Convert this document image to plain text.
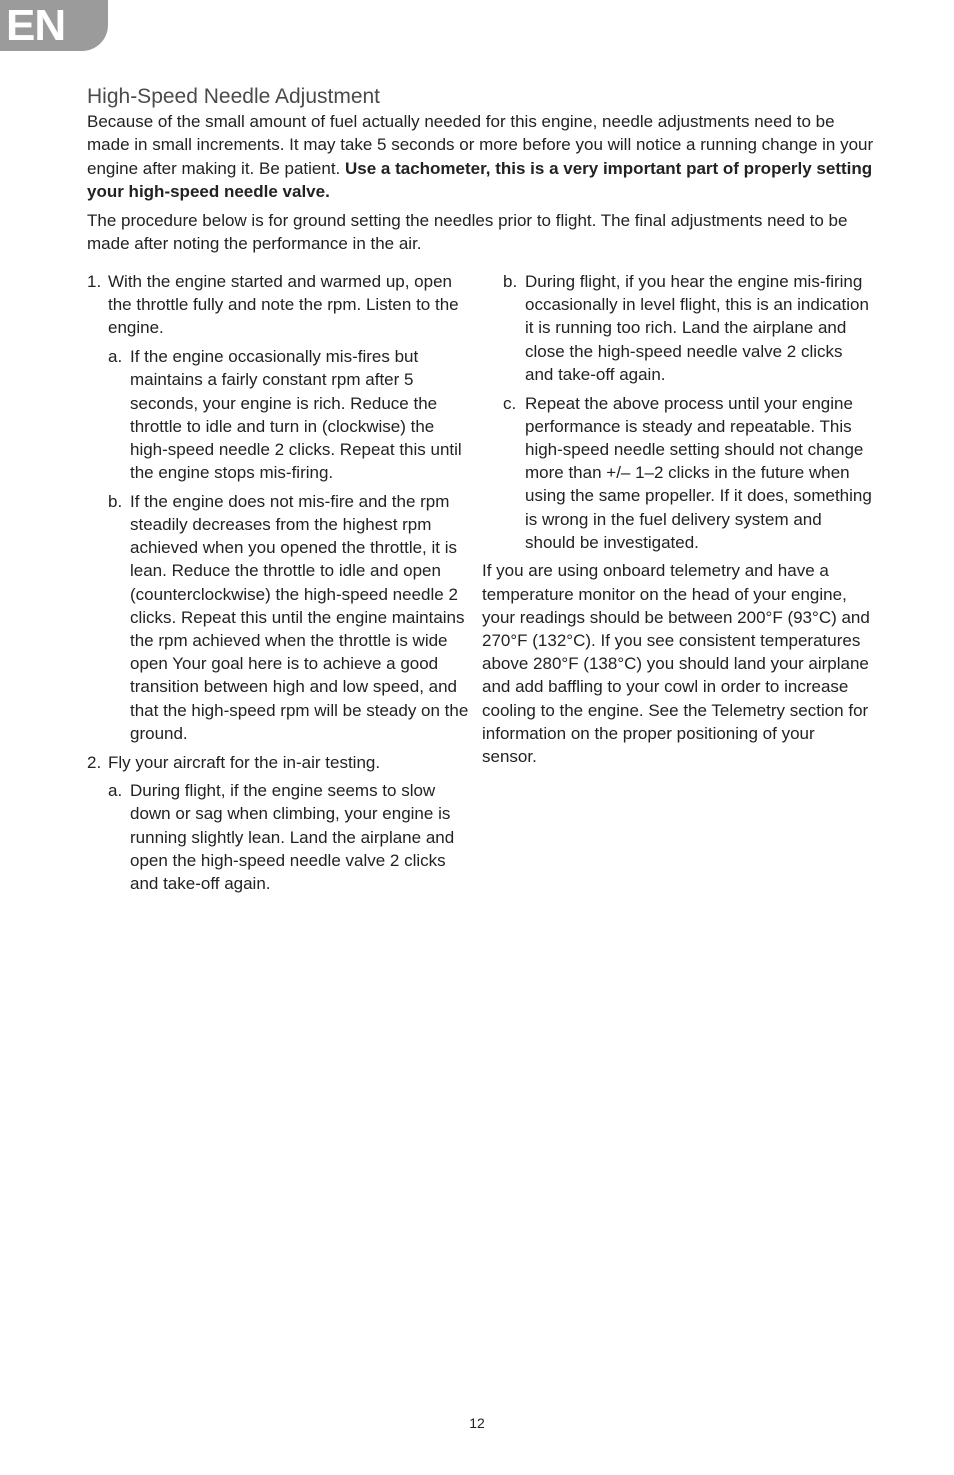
EN
High-Speed Needle Adjustment

Because of the small amount of fuel actually needed for this engine, needle adjustments need to be made in small increments. It may take 5 seconds or more before you will notice a running change in your engine after making it. Be patient. Use a tachometer, this is a very important part of properly setting your high-speed needle valve.

The procedure below is for ground setting the needles prior to flight. The final adjustments need to be made after noting the performance in the air.

1. With the engine started and warmed up, open the throttle fully and note the rpm. Listen to the engine.
a. If the engine occasionally mis-fires but maintains a fairly constant rpm after 5 seconds, your engine is rich. Reduce the throttle to idle and turn in (clockwise) the high-speed needle 2 clicks. Repeat this until the engine stops mis-firing.
b. If the engine does not mis-fire and the rpm steadily decreases from the highest rpm achieved when you opened the throttle, it is lean. Reduce the throttle to idle and open (counterclockwise) the high-speed needle 2 clicks. Repeat this until the engine maintains the rpm achieved when the throttle is wide open Your goal here is to achieve a good transition between high and low speed, and that the high-speed rpm will be steady on the ground.
2. Fly your aircraft for the in-air testing.
a. During flight, if the engine seems to slow down or sag when climbing, your engine is running slightly lean. Land the airplane and open the high-speed needle valve 2 clicks and take-off again.
b. During flight, if you hear the engine mis-firing occasionally in level flight, this is an indication it is running too rich. Land the airplane and close the high-speed needle valve 2 clicks and take-off again.
c. Repeat the above process until your engine performance is steady and repeatable. This high-speed needle setting should not change more than +/– 1–2 clicks in the future when using the same propeller. If it does, something is wrong in the fuel delivery system and should be investigated.

If you are using onboard telemetry and have a temperature monitor on the head of your engine, your readings should be between 200°F (93°C) and 270°F (132°C). If you see consistent temperatures above 280°F (138°C) you should land your airplane and add baffling to your cowl in order to increase cooling to the engine. See the Telemetry section for information on the proper positioning of your sensor.

12
